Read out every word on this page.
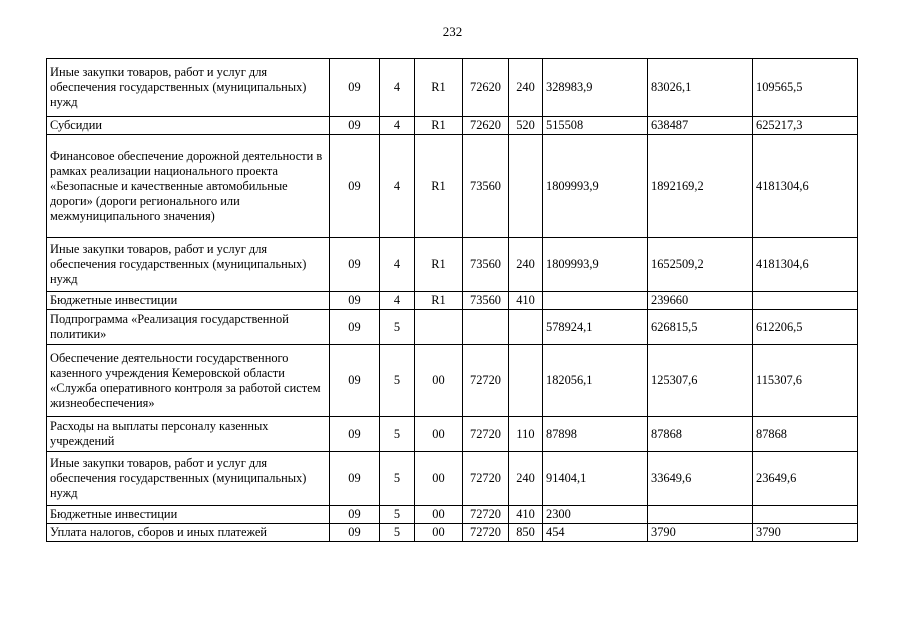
232
Иные закупки товаров, работ и услуг для обеспечения государственных (муниципальных) нужд	09	4	R1	72620	240	328983,9	83026,1	109565,5
Субсидии	09	4	R1	72620	520	515508	638487	625217,3
Финансовое обеспечение дорожной деятельности в рамках реализации национального проекта «Безопасные и качественные автомобильные дороги» (дороги регионального или межмуниципального значения)	09	4	R1	73560		1809993,9	1892169,2	4181304,6
Иные закупки товаров, работ и услуг для обеспечения государственных (муниципальных) нужд	09	4	R1	73560	240	1809993,9	1652509,2	4181304,6
Бюджетные инвестиции	09	4	R1	73560	410		239660	
Подпрограмма «Реализация государственной политики»	09	5				578924,1	626815,5	612206,5
Обеспечение деятельности государственного казенного учреждения Кемеровской области «Служба оперативного контроля за работой систем жизнеобеспечения»	09	5	00	72720		182056,1	125307,6	115307,6
Расходы на выплаты персоналу казенных учреждений	09	5	00	72720	110	87898	87868	87868
Иные закупки товаров, работ и услуг для обеспечения государственных (муниципальных) нужд	09	5	00	72720	240	91404,1	33649,6	23649,6
Бюджетные инвестиции	09	5	00	72720	410	2300		
Уплата налогов, сборов и иных платежей	09	5	00	72720	850	454	3790	3790
